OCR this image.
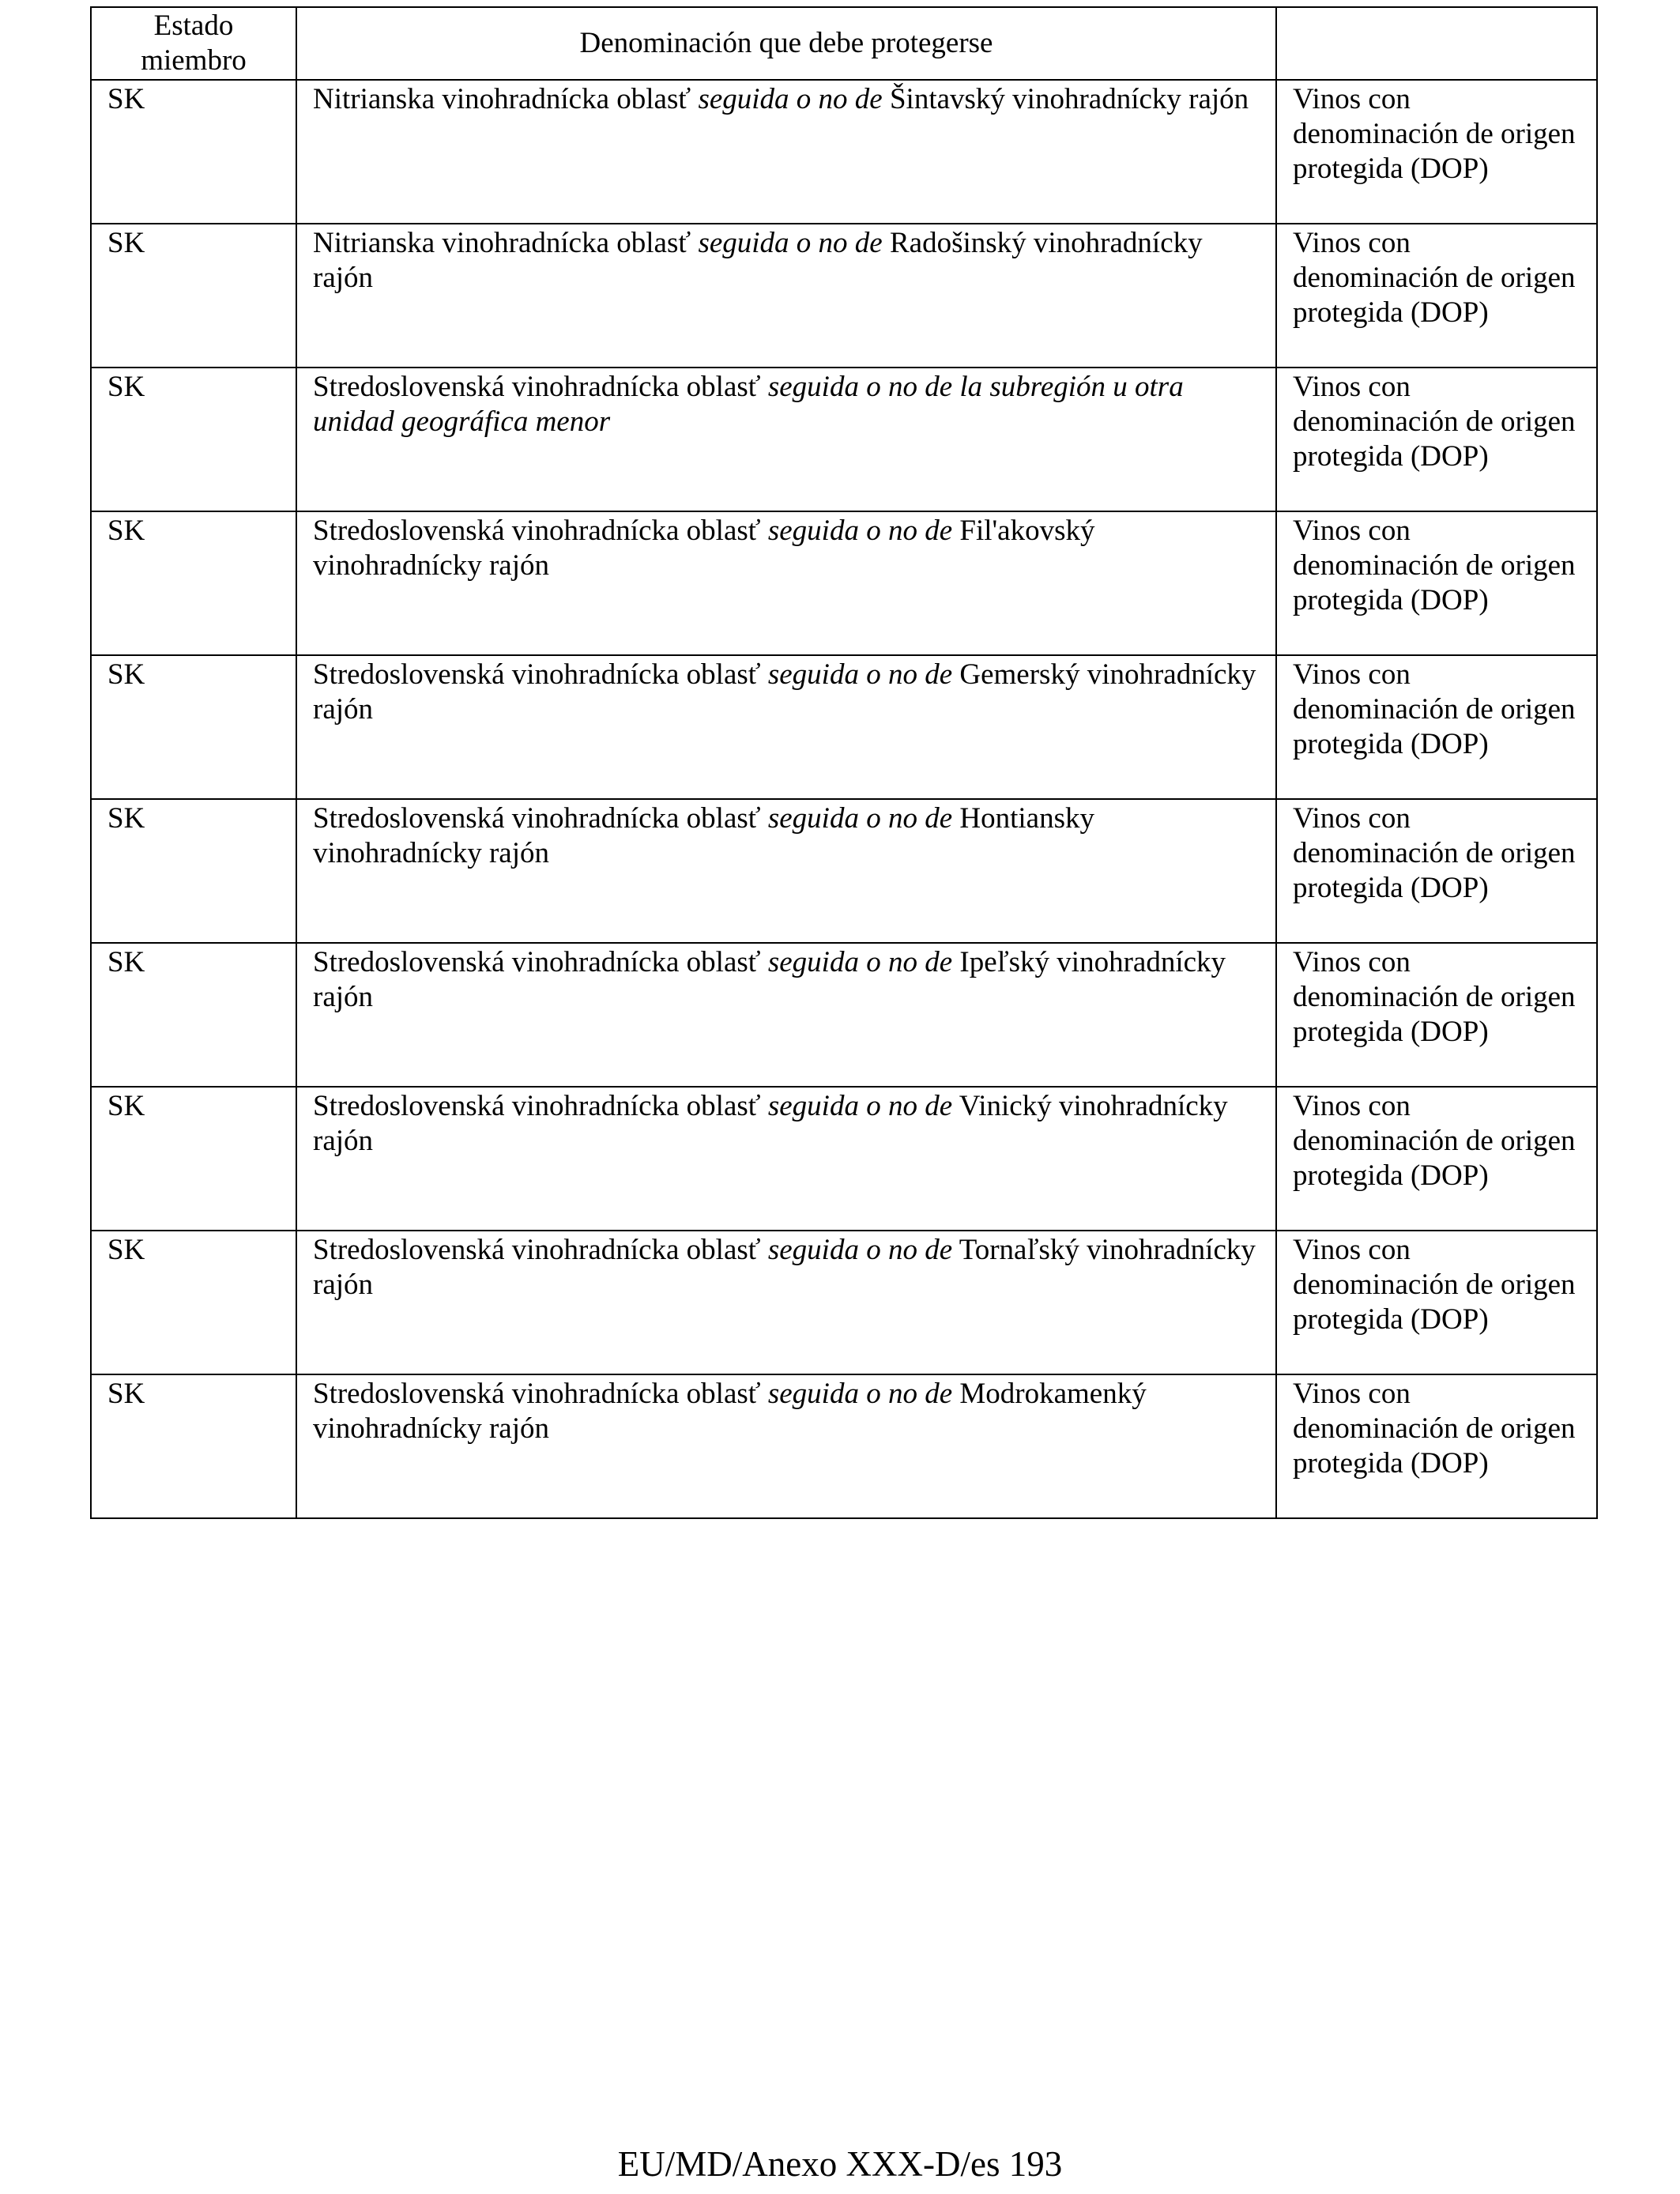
Estado miembro	Denominación que debe protegerse	
SK	Nitrianska vinohradnícka oblasť seguida o no de Šintavský vinohradnícky rajón	Vinos con denominación de origen protegida (DOP)
SK	Nitrianska vinohradnícka oblasť seguida o no de Radošinský vinohradnícky rajón	Vinos con denominación de origen protegida (DOP)
SK	Stredoslovenská vinohradnícka oblasť seguida o no de la subregión u otra unidad geográfica menor	Vinos con denominación de origen protegida (DOP)
SK	Stredoslovenská vinohradnícka oblasť seguida o no de Fil'akovský vinohradnícky rajón	Vinos con denominación de origen protegida (DOP)
SK	Stredoslovenská vinohradnícka oblasť seguida o no de Gemerský vinohradnícky rajón	Vinos con denominación de origen protegida (DOP)
SK	Stredoslovenská vinohradnícka oblasť seguida o no de Hontiansky vinohradnícky rajón	Vinos con denominación de origen protegida (DOP)
SK	Stredoslovenská vinohradnícka oblasť seguida o no de Ipeľský vinohradnícky rajón	Vinos con denominación de origen protegida (DOP)
SK	Stredoslovenská vinohradnícka oblasť seguida o no de Vinický vinohradnícky rajón	Vinos con denominación de origen protegida (DOP)
SK	Stredoslovenská vinohradnícka oblasť seguida o no de Tornaľský vinohradnícky rajón	Vinos con denominación de origen protegida (DOP)
SK	Stredoslovenská vinohradnícka oblasť seguida o no de Modrokamenký vinohradnícky rajón	Vinos con denominación de origen protegida (DOP)
EU/MD/Anexo XXX-D/es 193
